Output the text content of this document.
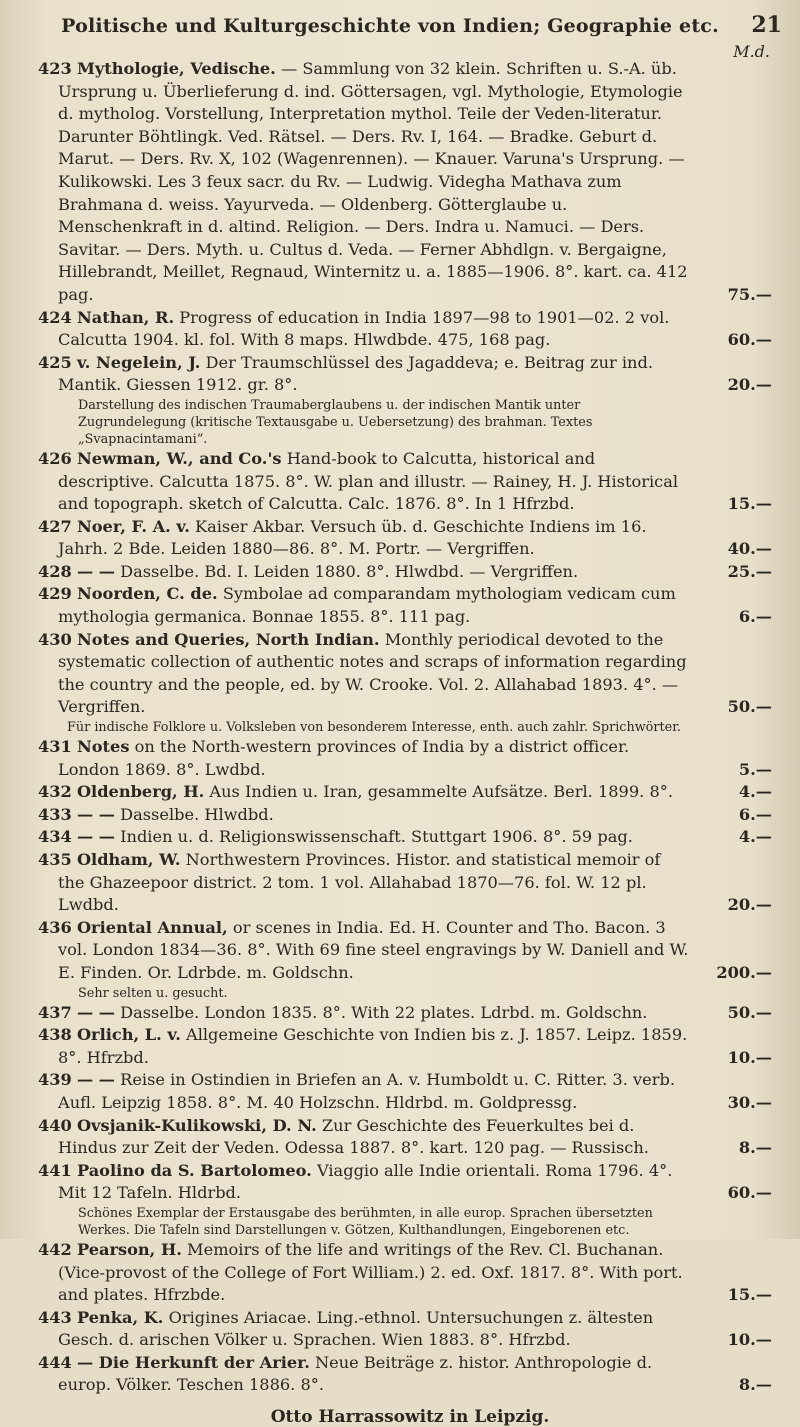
Politische und Kulturgeschichte von Indien; Geographie etc.	21
M.d.
423 Mythologie, Vedische. — Sammlung von 32 klein. Schriften u. S.-A. üb. Ursprung u. Überlieferung d. ind. Göttersagen, vgl. Mythologie, Etymologie d. mytholog. Vorstellung, Interpretation mythol. Teile der Veden-literatur. Darunter Böhtlingk. Ved. Rätsel. — Ders. Rv. I, 164. — Bradke. Geburt d. Marut. — Ders. Rv. X, 102 (Wagenrennen). — Knauer. Varuna's Ursprung. — Kulikowski. Les 3 feux sacr. du Rv. — Ludwig. Videgha Mathava zum Brahmana d. weiss. Yayurveda. — Oldenberg. Götterglaube u. Menschenkraft in d. altind. Religion. — Ders. Indra u. Namuci. — Ders. Savitar. — Ders. Myth. u. Cultus d. Veda. — Ferner Abhdlgn. v. Bergaigne, Hillebrandt, Meillet, Regnaud, Winternitz u. a. 1885—1906. 8°. kart. ca. 412 pag.	75.—
424 Nathan, R. Progress of education in India 1897—98 to 1901—02. 2 vol. Calcutta 1904. kl. fol. With 8 maps. Hlwdbde. 475, 168 pag.	60.—
425 v. Negelein, J. Der Traumschlüssel des Jagaddeva; e. Beitrag zur ind. Mantik. Giessen 1912. gr. 8°.	20.—
Darstellung des indischen Traumaberglaubens u. der indischen Mantik unter Zugrundelegung (kritische Textausgabe u. Uebersetzung) des brahman. Textes „Svapnacintamani“.
426 Newman, W., and Co.'s Hand-book to Calcutta, historical and descriptive. Calcutta 1875. 8°. W. plan and illustr. — Rainey, H. J. Historical and topograph. sketch of Calcutta. Calc. 1876. 8°. In 1 Hfrzbd.	15.—
427 Noer, F. A. v. Kaiser Akbar. Versuch üb. d. Geschichte Indiens im 16. Jahrh. 2 Bde. Leiden 1880—86. 8°. M. Portr. — Vergriffen.	40.—
428 — — Dasselbe. Bd. I. Leiden 1880. 8°. Hlwdbd. — Vergriffen.	25.—
429 Noorden, C. de. Symbolae ad comparandam mythologiam vedicam cum mythologia germanica. Bonnae 1855. 8°. 111 pag.	6.—
430 Notes and Queries, North Indian. Monthly periodical devoted to the systematic collection of authentic notes and scraps of information regarding the country and the people, ed. by W. Crooke. Vol. 2. Allahabad 1893. 4°. — Vergriffen.	50.—
Für indische Folklore u. Volksleben von besonderem Interesse, enth. auch zahlr. Sprichwörter.
431 Notes on the North-western provinces of India by a district officer. London 1869. 8°. Lwdbd.	5.—
432 Oldenberg, H. Aus Indien u. Iran, gesammelte Aufsätze. Berl. 1899. 8°.	4.—
433 — — Dasselbe. Hlwdbd.	6.—
434 — — Indien u. d. Religionswissenschaft. Stuttgart 1906. 8°. 59 pag.	4.—
435 Oldham, W. Northwestern Provinces. Histor. and statistical memoir of the Ghazeepoor district. 2 tom. 1 vol. Allahabad 1870—76. fol. W. 12 pl. Lwdbd.	20.—
436 Oriental Annual, or scenes in India. Ed. H. Counter and Tho. Bacon. 3 vol. London 1834—36. 8°. With 69 fine steel engravings by W. Daniell and W. E. Finden. Or. Ldrbde. m. Goldschn.	200.—
Sehr selten u. gesucht.
437 — — Dasselbe. London 1835. 8°. With 22 plates. Ldrbd. m. Goldschn.	50.—
438 Orlich, L. v. Allgemeine Geschichte von Indien bis z. J. 1857. Leipz. 1859. 8°. Hfrzbd.	10.—
439 — — Reise in Ostindien in Briefen an A. v. Humboldt u. C. Ritter. 3. verb. Aufl. Leipzig 1858. 8°. M. 40 Holzschn. Hldrbd. m. Goldpressg.	30.—
440 Ovsjanik-Kulikowski, D. N. Zur Geschichte des Feuerkultes bei d. Hindus zur Zeit der Veden. Odessa 1887. 8°. kart. 120 pag. — Russisch.	8.—
441 Paolino da S. Bartolomeo. Viaggio alle Indie orientali. Roma 1796. 4°. Mit 12 Tafeln. Hldrbd.	60.—
Schönes Exemplar der Erstausgabe des berühmten, in alle europ. Sprachen übersetzten Werkes. Die Tafeln sind Darstellungen v. Götzen, Kulthandlungen, Eingeborenen etc.
442 Pearson, H. Memoirs of the life and writings of the Rev. Cl. Buchanan. (Vice-provost of the College of Fort William.) 2. ed. Oxf. 1817. 8°. With port. and plates. Hfrzbde.	15.—
443 Penka, K. Origines Ariacae. Ling.-ethnol. Untersuchungen z. ältesten Gesch. d. arischen Völker u. Sprachen. Wien 1883. 8°. Hfrzbd.	10.—
444 — Die Herkunft der Arier. Neue Beiträge z. histor. Anthropologie d. europ. Völker. Teschen 1886. 8°.	8.—
Otto Harrassowitz in Leipzig.
